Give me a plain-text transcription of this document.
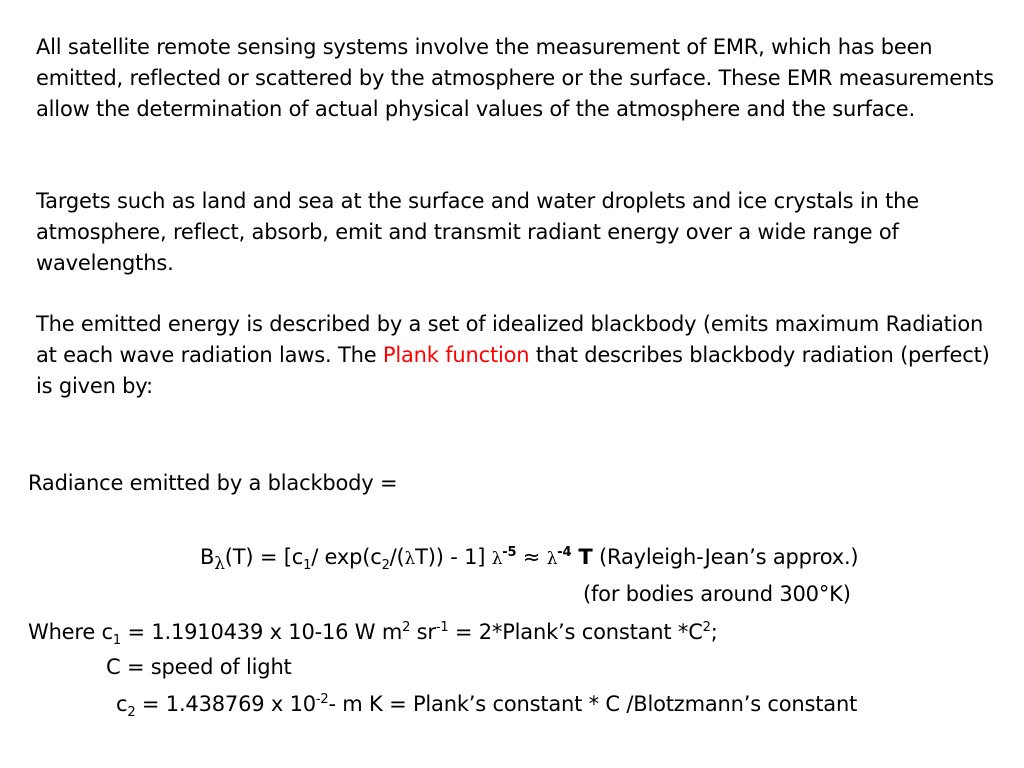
All satellite remote sensing systems involve the measurement of EMR, which has been emitted, reflected or scattered by the atmosphere or the surface. These EMR measurements allow the determination of actual physical values of the atmosphere and the surface.

Targets such as land and sea at the surface and water droplets and ice crystals in the atmosphere, reflect, absorb, emit and transmit radiant energy over a wide range of wavelengths.

The emitted energy is described by a set of idealized blackbody (emits maximum Radiation at each wave radiation laws. The Plank function that describes blackbody radiation (perfect) is given by:

Radiance emitted by a blackbody =
$B_\lambda(T) = [c_1/$ $\exp(c_2/(\lambda T)) - 1$] $\lambda^{-5} \approx \lambda^{-4}$ T (Rayleigh-Jean’s approx.)
(for bodies around 300°K)
Where $c_1 = 1.1910439$ x 10-16 W $m^2$ $sr^{-1}$ = 2*Plank’s constant $*C^2$;
C = speed of light
$c_2 = 1.438769$ x $10^{-2}-$ m K = Plank’s constant * C /Blotzmann’s constant
